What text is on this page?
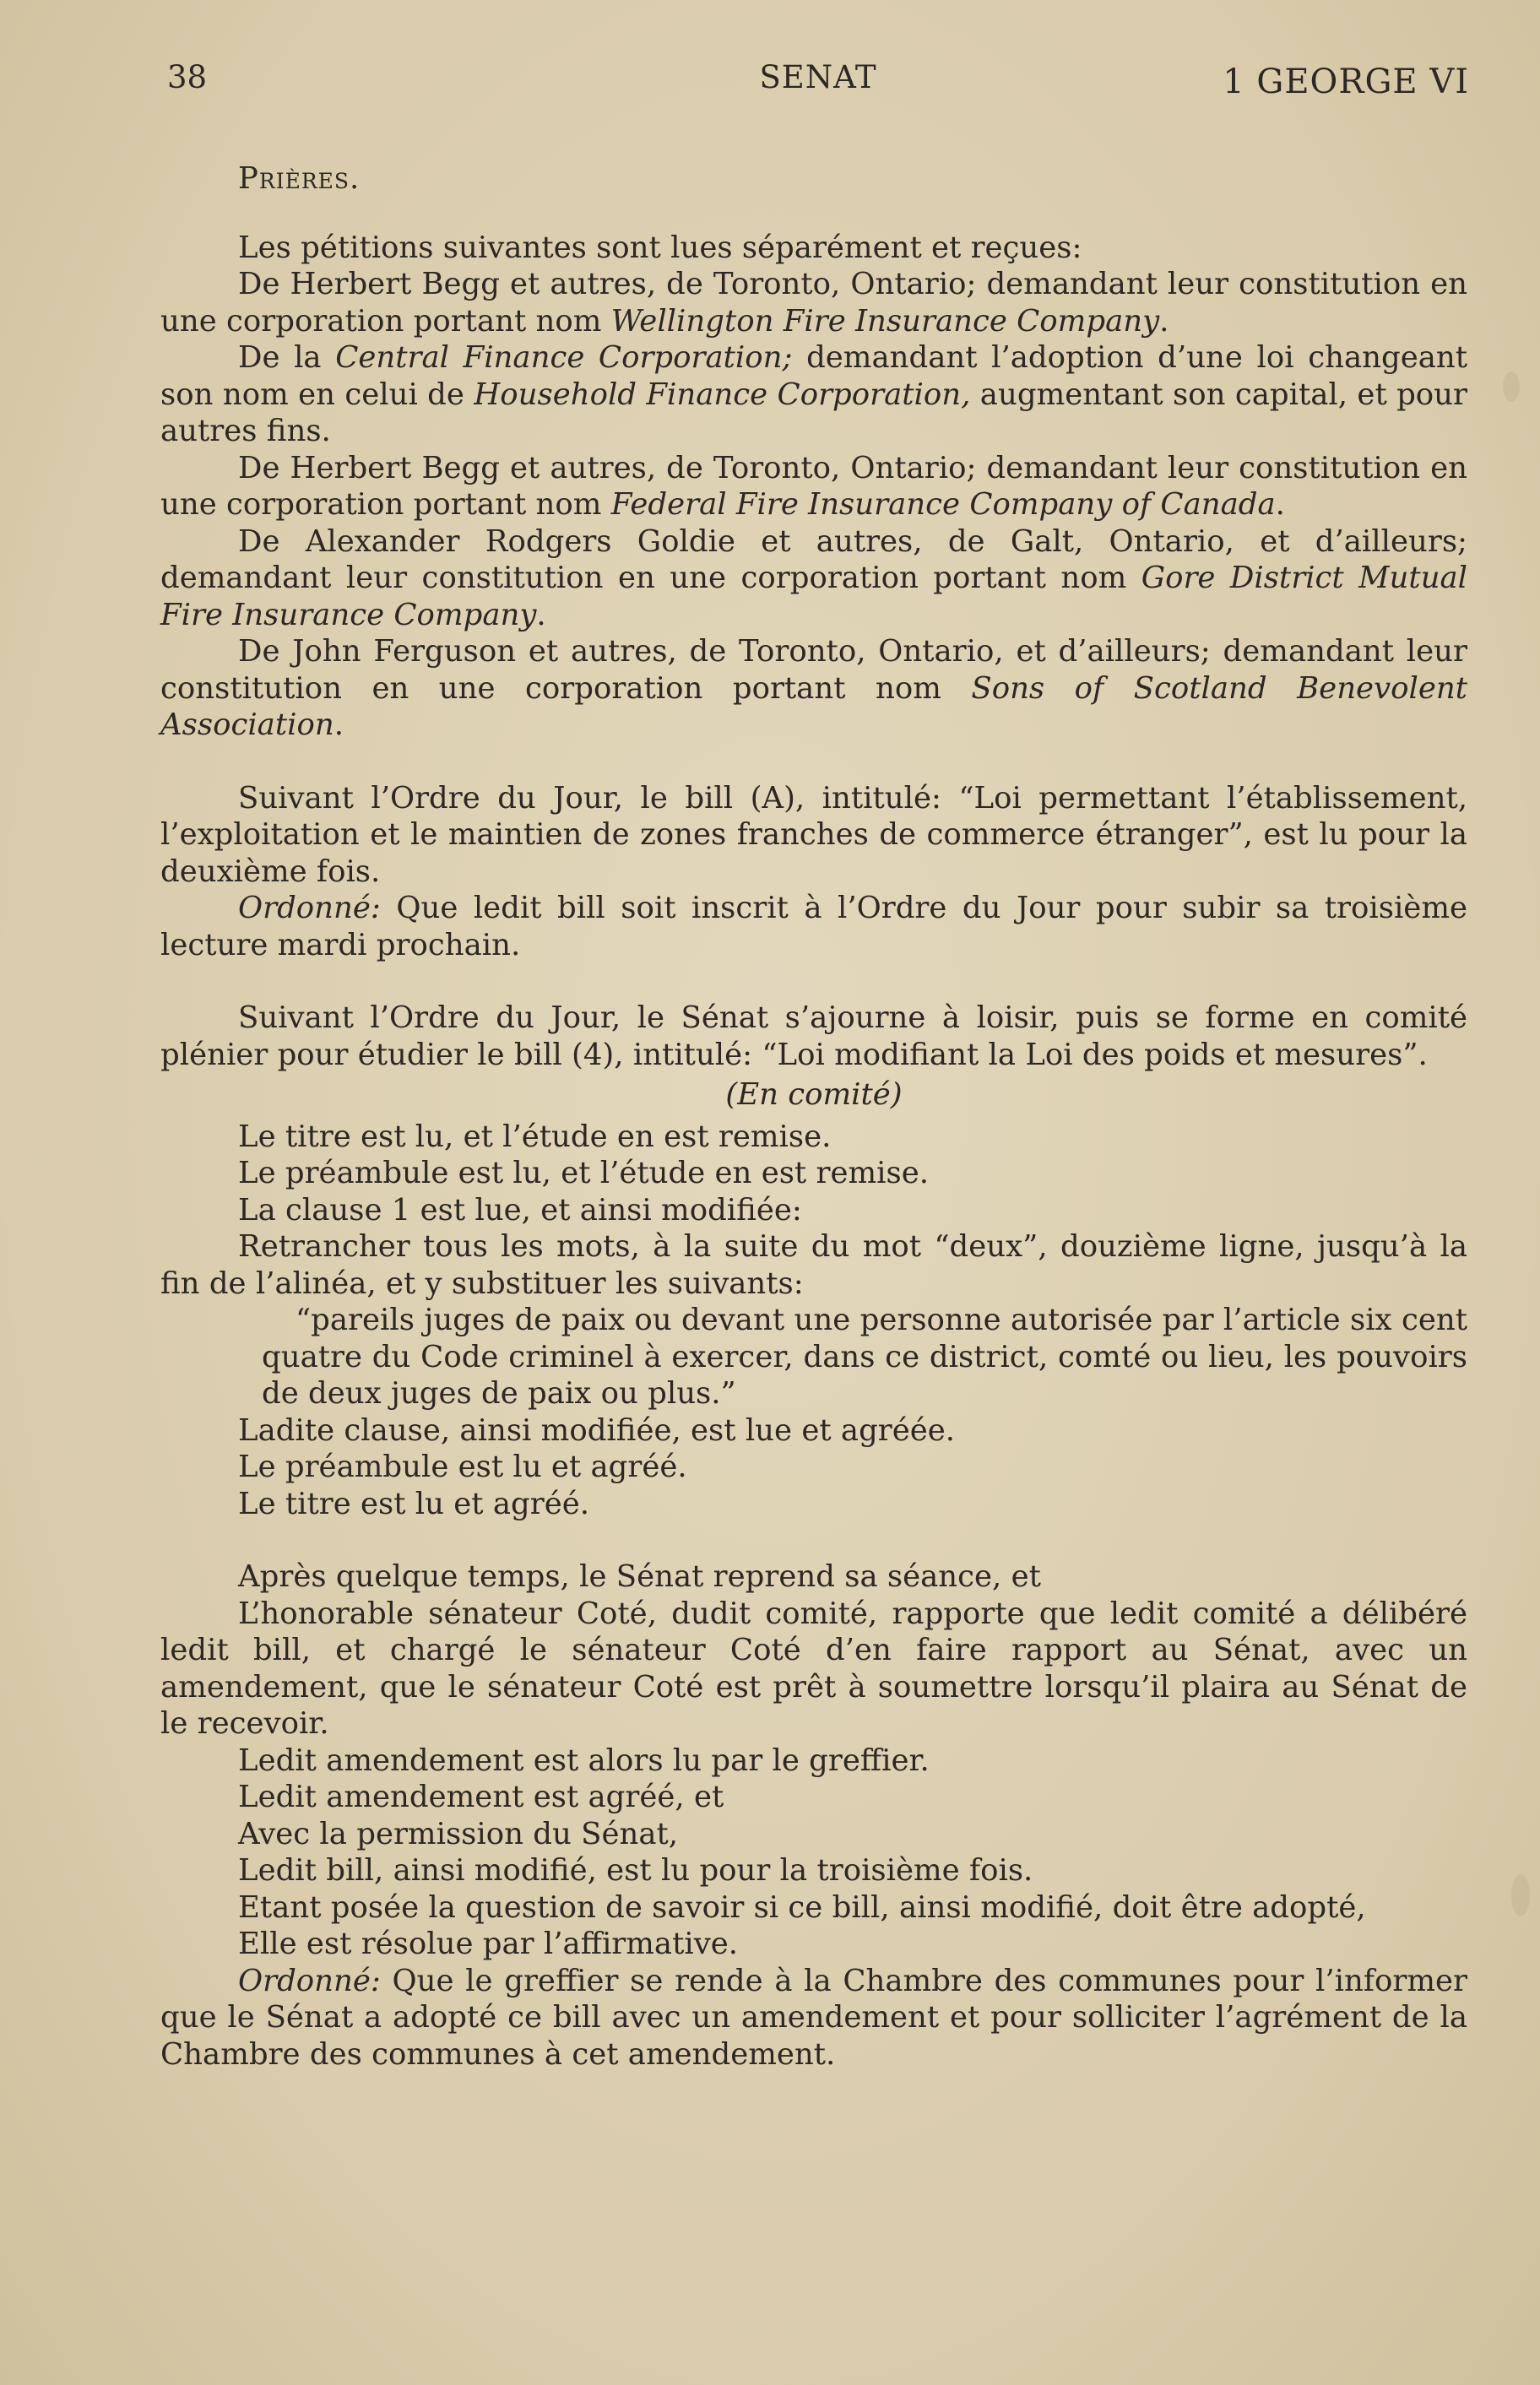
38	SENAT	1 GEORGE VI

Prières.

Les pétitions suivantes sont lues séparément et reçues:

De Herbert Begg et autres, de Toronto, Ontario; demandant leur constitution en une corporation portant nom Wellington Fire Insurance Company.

De la Central Finance Corporation; demandant l’adoption d’une loi changeant son nom en celui de Household Finance Corporation, augmentant son capital, et pour autres fins.

De Herbert Begg et autres, de Toronto, Ontario; demandant leur constitution en une corporation portant nom Federal Fire Insurance Company of Canada.

De Alexander Rodgers Goldie et autres, de Galt, Ontario, et d’ailleurs; demandant leur constitution en une corporation portant nom Gore District Mutual Fire Insurance Company.

De John Ferguson et autres, de Toronto, Ontario, et d’ailleurs; demandant leur constitution en une corporation portant nom Sons of Scotland Benevolent Association.

Suivant l’Ordre du Jour, le bill (A), intitulé: “Loi permettant l’établissement, l’exploitation et le maintien de zones franches de commerce étranger”, est lu pour la deuxième fois.

Ordonné: Que ledit bill soit inscrit à l’Ordre du Jour pour subir sa troisième lecture mardi prochain.

Suivant l’Ordre du Jour, le Sénat s’ajourne à loisir, puis se forme en comité plénier pour étudier le bill (4), intitulé: “Loi modifiant la Loi des poids et mesures”.

(En comité)

Le titre est lu, et l’étude en est remise.

Le préambule est lu, et l’étude en est remise.

La clause 1 est lue, et ainsi modifiée:

Retrancher tous les mots, à la suite du mot “deux”, douzième ligne, jusqu’à la fin de l’alinéa, et y substituer les suivants:

“pareils juges de paix ou devant une personne autorisée par l’article six cent quatre du Code criminel à exercer, dans ce district, comté ou lieu, les pouvoirs de deux juges de paix ou plus.”

Ladite clause, ainsi modifiée, est lue et agréée.

Le préambule est lu et agréé.

Le titre est lu et agréé.

Après quelque temps, le Sénat reprend sa séance, et

L’honorable sénateur Coté, dudit comité, rapporte que ledit comité a délibéré ledit bill, et chargé le sénateur Coté d’en faire rapport au Sénat, avec un amendement, que le sénateur Coté est prêt à soumettre lorsqu’il plaira au Sénat de le recevoir.

Ledit amendement est alors lu par le greffier.

Ledit amendement est agréé, et

Avec la permission du Sénat,

Ledit bill, ainsi modifié, est lu pour la troisième fois.

Etant posée la question de savoir si ce bill, ainsi modifié, doit être adopté,

Elle est résolue par l’affirmative.

Ordonné: Que le greffier se rende à la Chambre des communes pour l’informer que le Sénat a adopté ce bill avec un amendement et pour solliciter l’agrément de la Chambre des communes à cet amendement.
